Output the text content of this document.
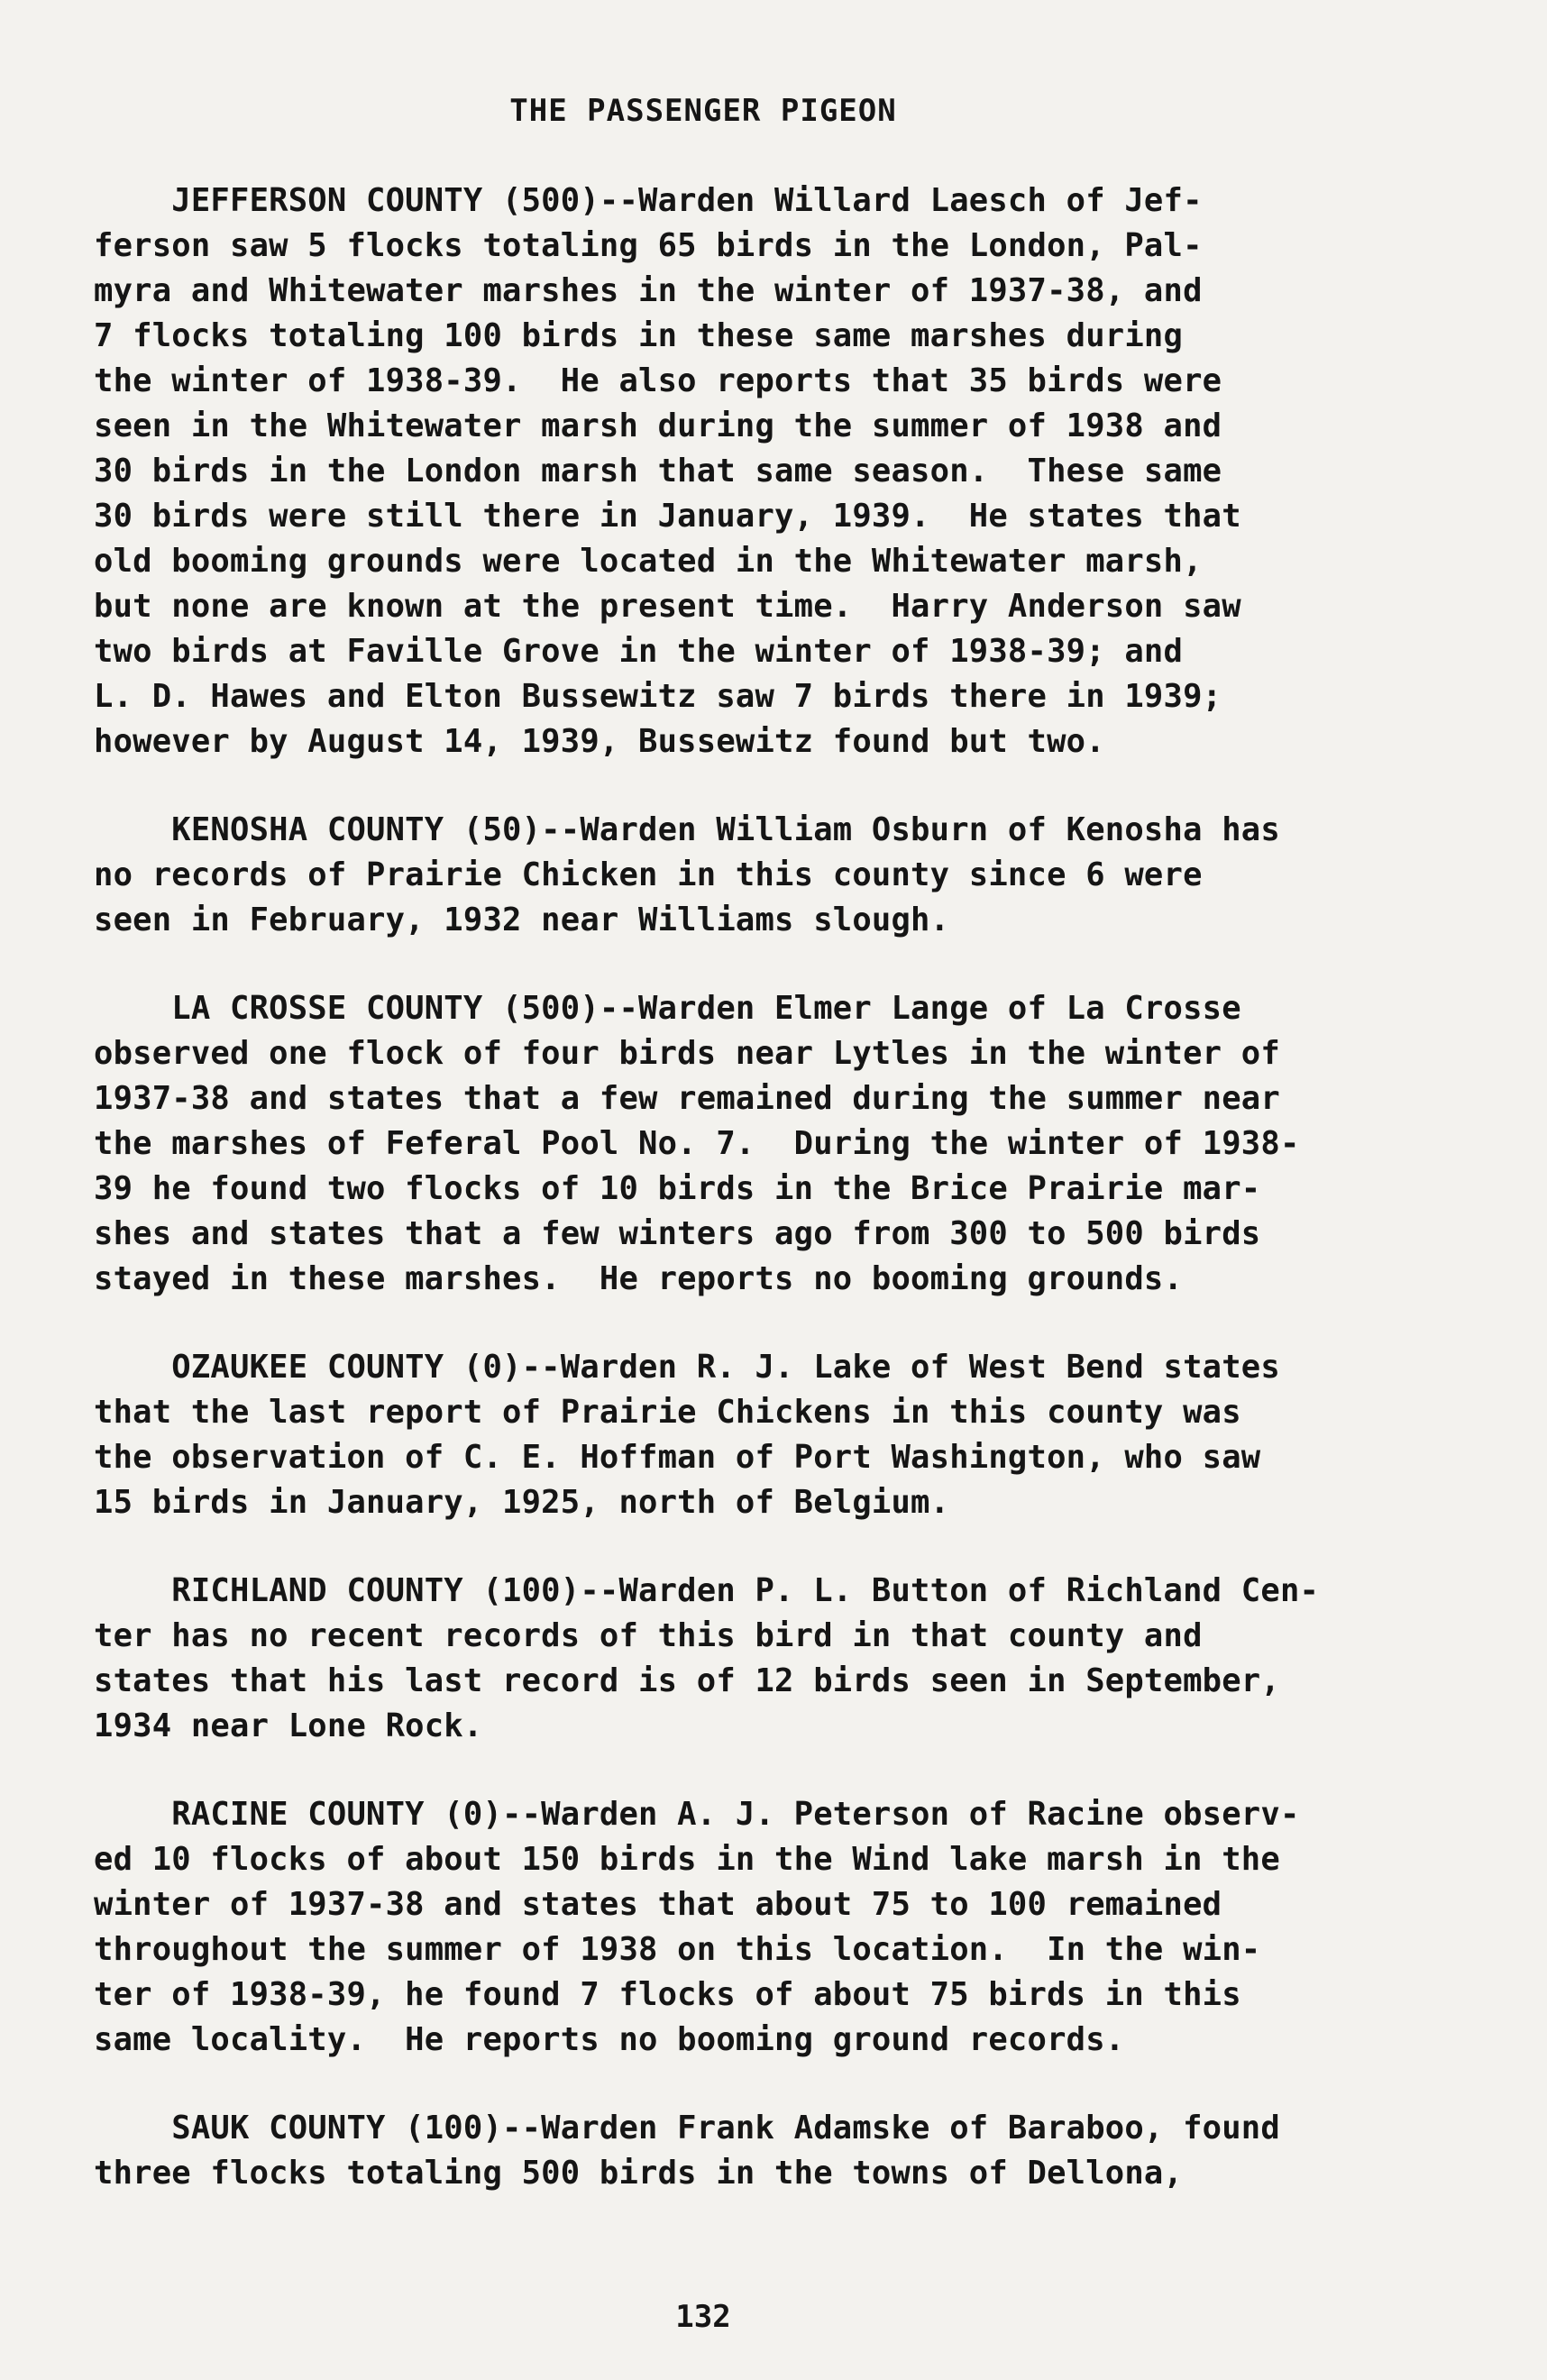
THE PASSENGER PIGEON
JEFFERSON COUNTY (500)--Warden Willard Laesch of Jef-
ferson saw 5 flocks totaling 65 birds in the London, Pal-
myra and Whitewater marshes in the winter of 1937-38, and
7 flocks totaling 100 birds in these same marshes during
the winter of 1938-39.  He also reports that 35 birds were
seen in the Whitewater marsh during the summer of 1938 and
30 birds in the London marsh that same season.  These same
30 birds were still there in January, 1939.  He states that
old booming grounds were located in the Whitewater marsh,
but none are known at the present time.  Harry Anderson saw
two birds at Faville Grove in the winter of 1938-39; and
L. D. Hawes and Elton Bussewitz saw 7 birds there in 1939;
however by August 14, 1939, Bussewitz found but two.
KENOSHA COUNTY (50)--Warden William Osburn of Kenosha has
no records of Prairie Chicken in this county since 6 were
seen in February, 1932 near Williams slough.
LA CROSSE COUNTY (500)--Warden Elmer Lange of La Crosse
observed one flock of four birds near Lytles in the winter of
1937-38 and states that a few remained during the summer near
the marshes of Feferal Pool No. 7.  During the winter of 1938-
39 he found two flocks of 10 birds in the Brice Prairie mar-
shes and states that a few winters ago from 300 to 500 birds
stayed in these marshes.  He reports no booming grounds.
OZAUKEE COUNTY (0)--Warden R. J. Lake of West Bend states
that the last report of Prairie Chickens in this county was
the observation of C. E. Hoffman of Port Washington, who saw
15 birds in January, 1925, north of Belgium.
RICHLAND COUNTY (100)--Warden P. L. Button of Richland Cen-
ter has no recent records of this bird in that county and
states that his last record is of 12 birds seen in September,
1934 near Lone Rock.
RACINE COUNTY (0)--Warden A. J. Peterson of Racine observ-
ed 10 flocks of about 150 birds in the Wind lake marsh in the
winter of 1937-38 and states that about 75 to 100 remained
throughout the summer of 1938 on this location.  In the win-
ter of 1938-39, he found 7 flocks of about 75 birds in this
same locality.  He reports no booming ground records.
SAUK COUNTY (100)--Warden Frank Adamske of Baraboo, found
three flocks totaling 500 birds in the towns of Dellona,
132
